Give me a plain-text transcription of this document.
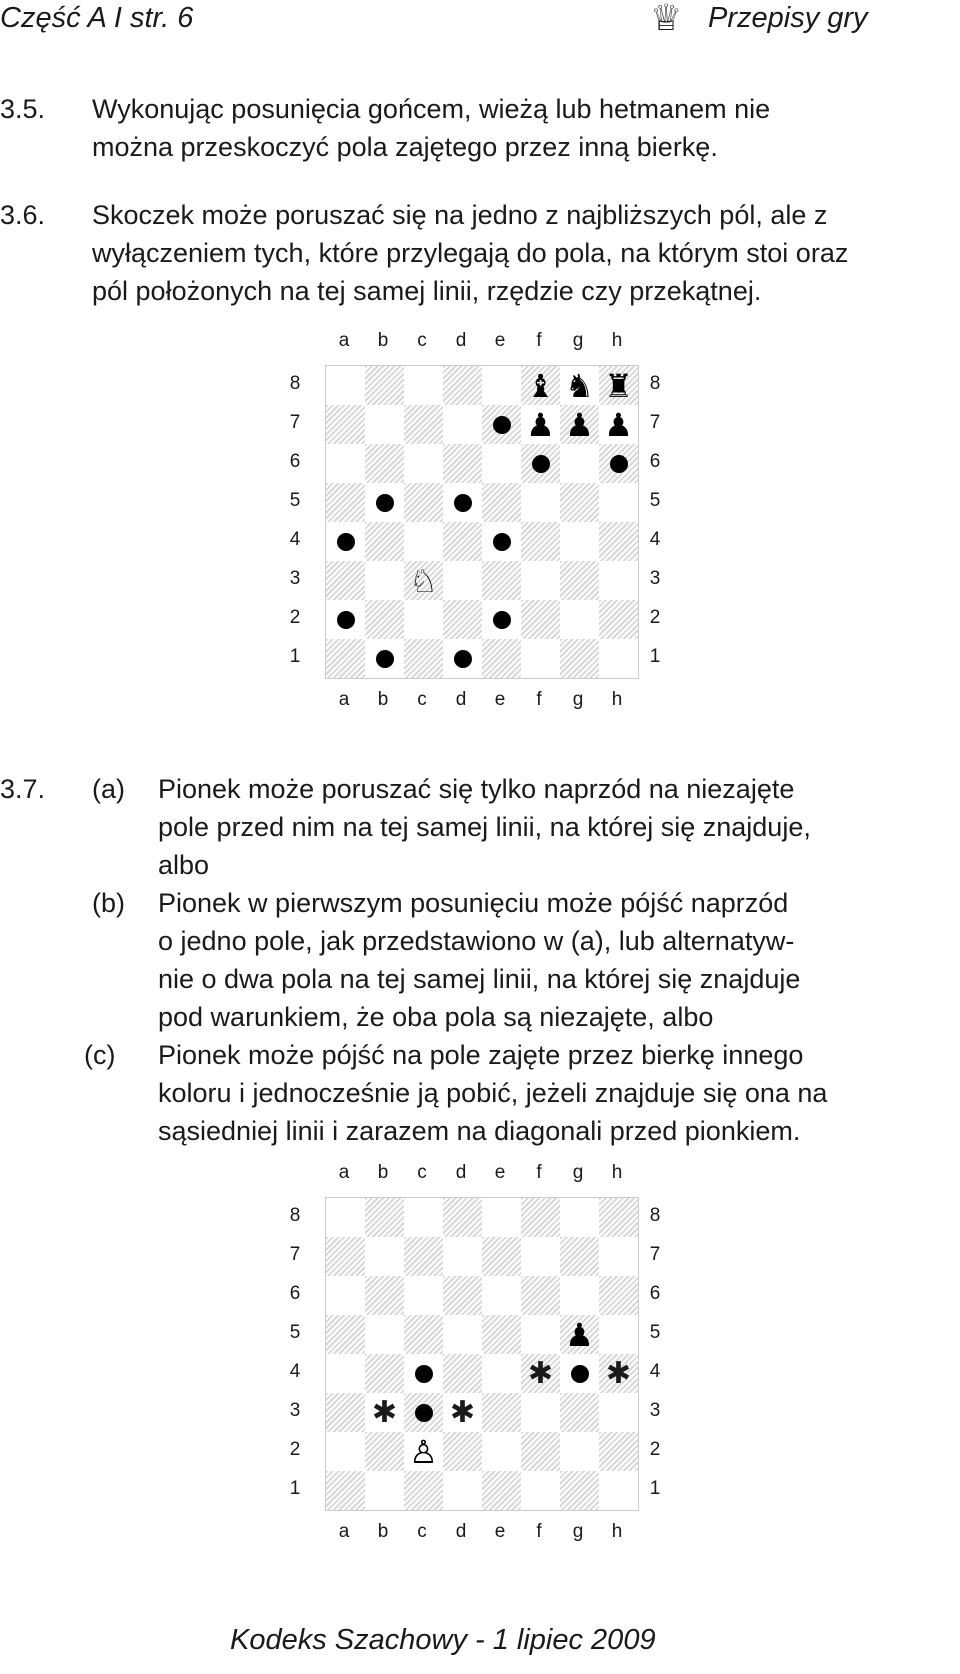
Część A I str. 6	♕ Przepisy gry
3.5. Wykonując posunięcia gońcem, wieżą lub hetmanem nie
można przeskoczyć pola zajętego przez inną bierkę.
3.6. Skoczek może poruszać się na jedno z najbliższych pól, ale z
wyłączeniem tych, które przylegają do pola, na którym stoi oraz
pól położonych na tej samej linii, rzędzie czy przekątnej.
a
a
b
b
c
c
d
d
e
e
f
f
g
g
h
h
8	8
7	7
6	6
5	5
4	4
3	3
2	2
1	1
♝ ♞ ♜
♟ ♟ ♟
♘
3.7. (a) Pionek może poruszać się tylko naprzód na niezajęte
pole przed nim na tej samej linii, na której się znajduje,
albo
(b) Pionek w pierwszym posunięciu może pójść naprzód
o jedno pole, jak przedstawiono w (a), lub alternatyw-
nie o dwa pola na tej samej linii, na której się znajduje
pod warunkiem, że oba pola są niezajęte, albo
(c) Pionek może pójść na pole zajęte przez bierkę innego
koloru i jednocześnie ją pobić, jeżeli znajduje się ona na
sąsiedniej linii i zarazem na diagonali przed pionkiem.
a
a
b
b
c
c
d
d
e
e
f
f
g
g
h
h
8	8
7	7
6	6
5	5
4	4
3	3
2	2
1	1
♟
✱ ✱
✱ ✱
♙
Kodeks Szachowy - 1 lipiec 2009
